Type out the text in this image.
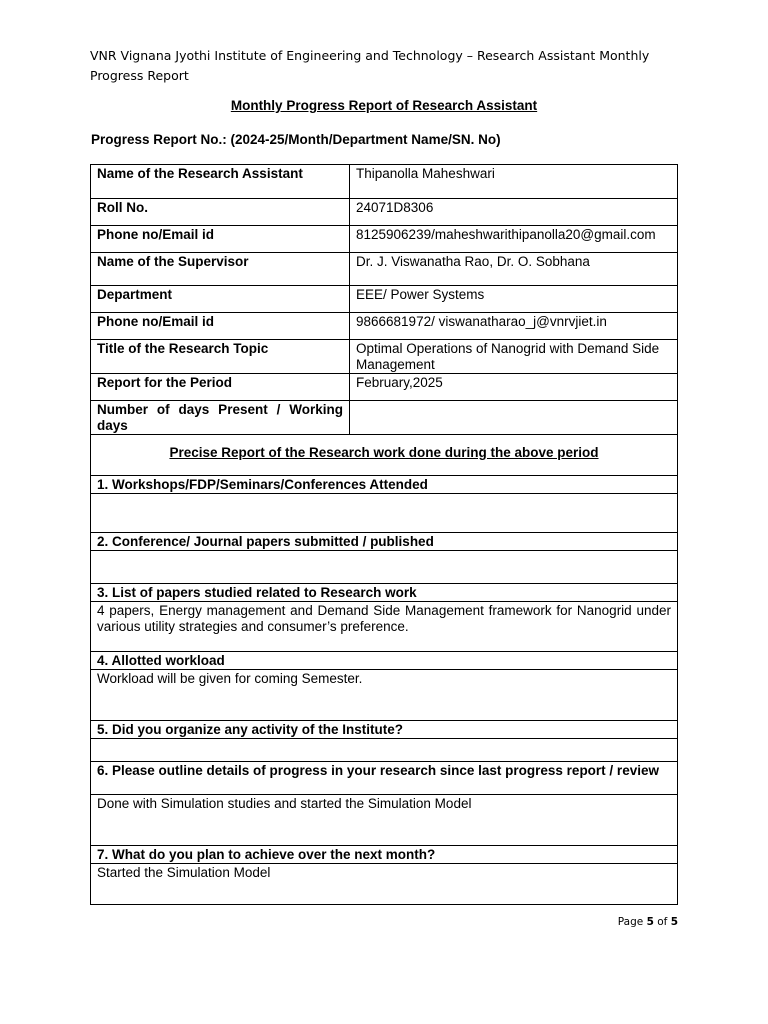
VNR Vignana Jyothi Institute of Engineering and Technology – Research Assistant Monthly Progress Report
Monthly Progress Report of Research Assistant
Progress Report No.: (2024-25/Month/Department Name/SN. No)
Name of the Research Assistant	Thipanolla Maheshwari
Roll No.	24071D8306
Phone no/Email id	8125906239/maheshwarithipanolla20@gmail.com
Name of the Supervisor	Dr. J. Viswanatha Rao, Dr. O. Sobhana
Department	EEE/ Power Systems
Phone no/Email id	9866681972/ viswanatharao_j@vnrvjiet.in
Title of the Research Topic	Optimal Operations of Nanogrid with Demand Side Management
Report for the Period	February,2025
Number of days Present / Working days	
Precise Report of the Research work done during the above period	
1. Workshops/FDP/Seminars/Conferences Attended	

2. Conference/ Journal papers submitted / published	

3. List of papers studied related to Research work	
4 papers, Energy management and Demand Side Management framework for Nanogrid under various utility strategies and consumer’s preference.	
4. Allotted workload	
Workload will be given for coming Semester.	
5. Did you organize any activity of the Institute?	

6. Please outline details of progress in your research since last progress report / review	
Done with Simulation studies and started the Simulation Model	
7. What do you plan to achieve over the next month?	
Started the Simulation Model	
Page 5 of 5
